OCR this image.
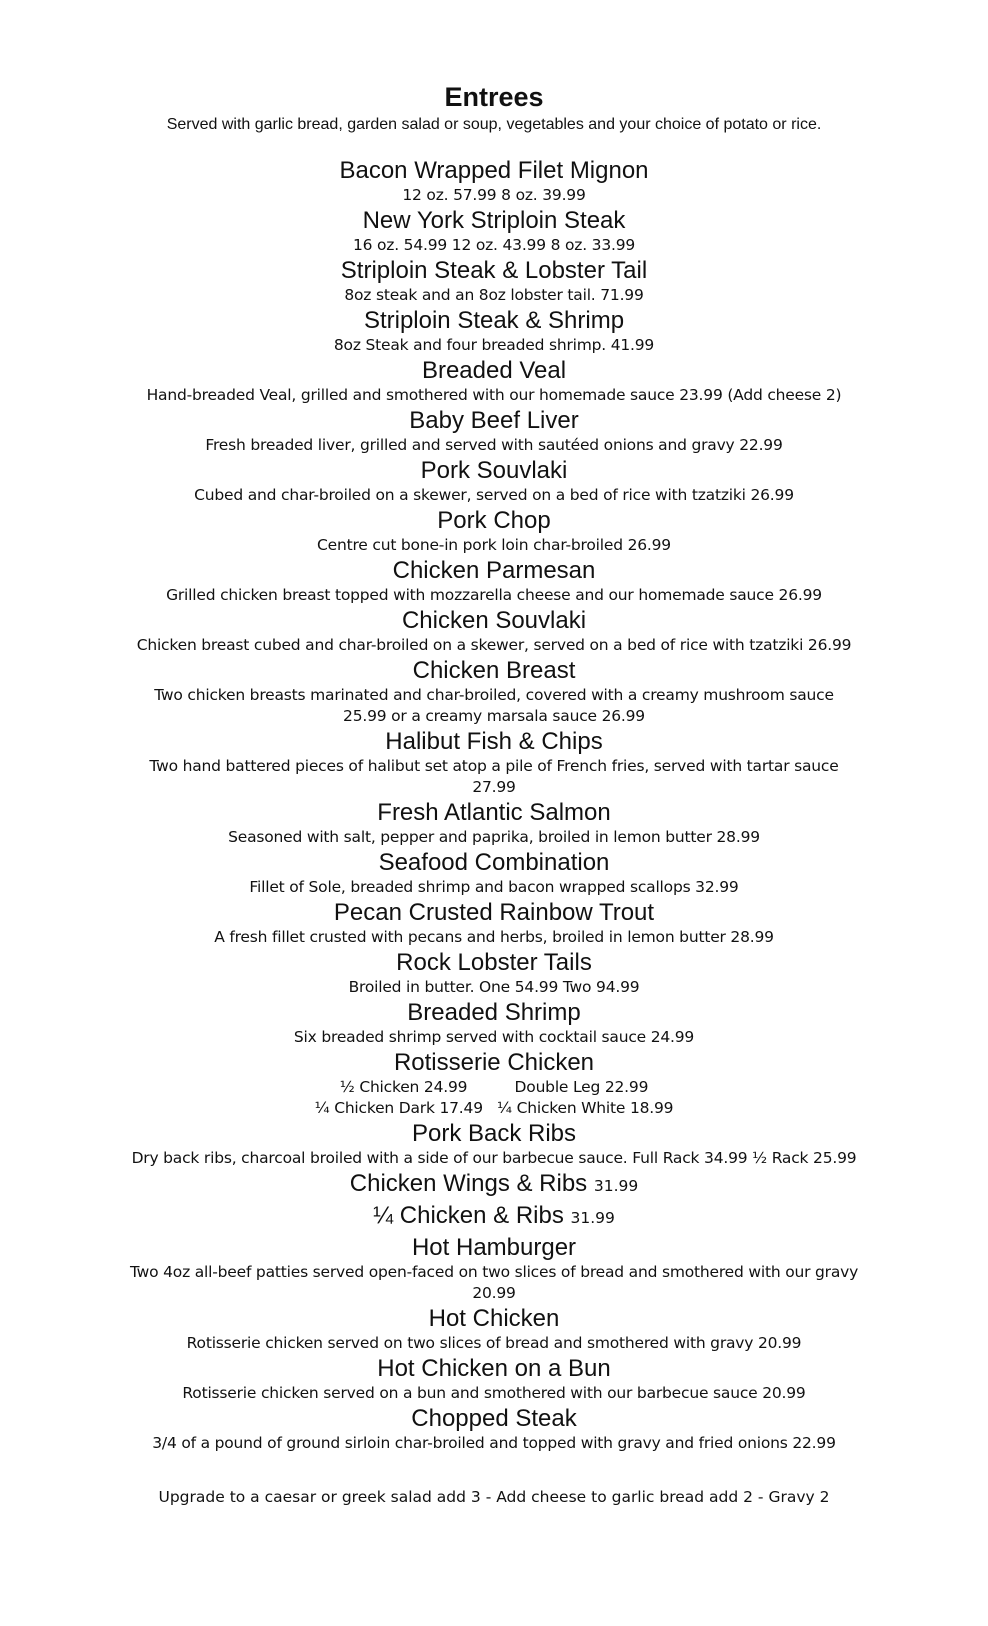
Entrees
Served with garlic bread, garden salad or soup, vegetables and your choice of potato or rice.
Bacon Wrapped Filet Mignon
12 oz. 57.99 8 oz. 39.99
New York Striploin Steak
16 oz. 54.99 12 oz. 43.99 8 oz. 33.99
Striploin Steak & Lobster Tail
8oz steak and an 8oz lobster tail. 71.99
Striploin Steak & Shrimp
8oz Steak and four breaded shrimp. 41.99
Breaded Veal
Hand-breaded Veal, grilled and smothered with our homemade sauce 23.99 (Add cheese 2)
Baby Beef Liver
Fresh breaded liver, grilled and served with sautéed onions and gravy 22.99
Pork Souvlaki
Cubed and char-broiled on a skewer, served on a bed of rice with tzatziki 26.99
Pork Chop
Centre cut bone-in pork loin char-broiled 26.99
Chicken Parmesan
Grilled chicken breast topped with mozzarella cheese and our homemade sauce 26.99
Chicken Souvlaki
Chicken breast cubed and char-broiled on a skewer, served on a bed of rice with tzatziki 26.99
Chicken Breast
Two chicken breasts marinated and char-broiled, covered with a creamy mushroom sauce
25.99 or a creamy marsala sauce 26.99
Halibut Fish & Chips
Two hand battered pieces of halibut set atop a pile of French fries, served with tartar sauce
27.99
Fresh Atlantic Salmon
Seasoned with salt, pepper and paprika, broiled in lemon butter 28.99
Seafood Combination
Fillet of Sole, breaded shrimp and bacon wrapped scallops 32.99
Pecan Crusted Rainbow Trout
A fresh fillet crusted with pecans and herbs, broiled in lemon butter 28.99
Rock Lobster Tails
Broiled in butter. One 54.99 Two 94.99
Breaded Shrimp
Six breaded shrimp served with cocktail sauce 24.99
Rotisserie Chicken
½ Chicken 24.99          Double Leg 22.99
¼ Chicken Dark 17.49   ¼ Chicken White 18.99
Pork Back Ribs
Dry back ribs, charcoal broiled with a side of our barbecue sauce. Full Rack 34.99 ½ Rack 25.99
Chicken Wings & Ribs 31.99
¼ Chicken & Ribs 31.99
Hot Hamburger
Two 4oz all-beef patties served open-faced on two slices of bread and smothered with our gravy
20.99
Hot Chicken
Rotisserie chicken served on two slices of bread and smothered with gravy 20.99
Hot Chicken on a Bun
Rotisserie chicken served on a bun and smothered with our barbecue sauce 20.99
Chopped Steak
3/4 of a pound of ground sirloin char-broiled and topped with gravy and fried onions 22.99
Upgrade to a caesar or greek salad add 3 - Add cheese to garlic bread add 2 - Gravy 2
